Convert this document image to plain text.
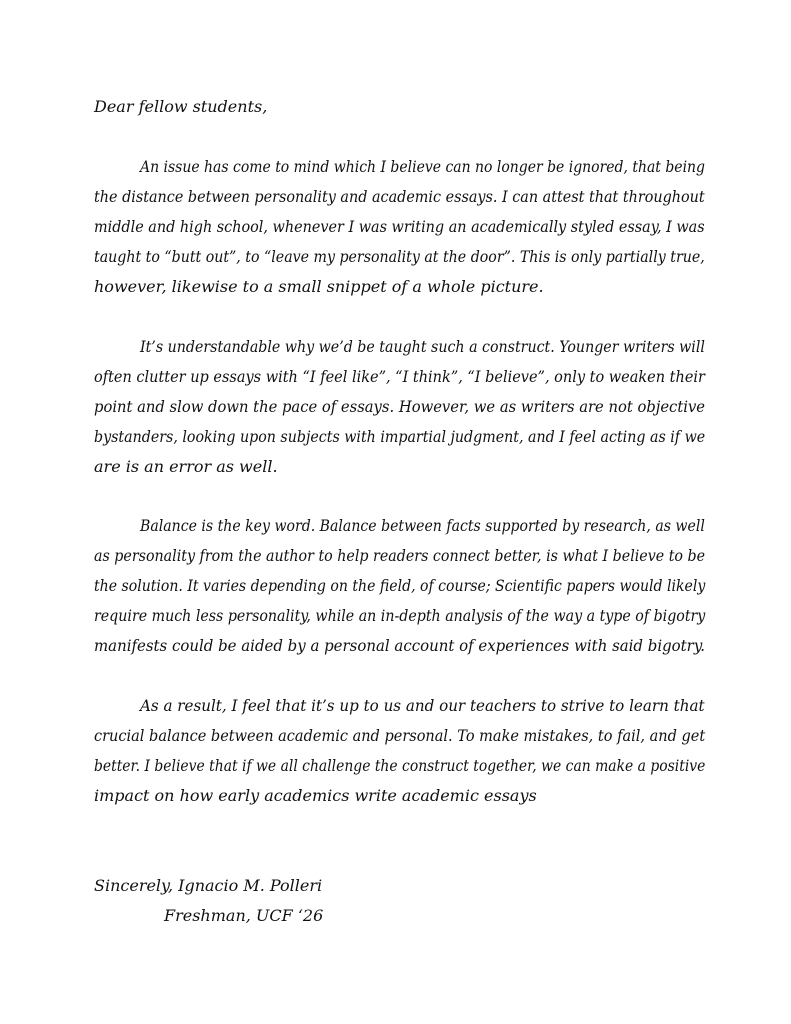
Dear fellow students,
An issue has come to mind which I believe can no longer be ignored, that being
the distance between personality and academic essays. I can attest that throughout
middle and high school, whenever I was writing an academically styled essay, I was
taught to “butt out”, to “leave my personality at the door”. This is only partially true,
however, likewise to a small snippet of a whole picture.
It’s understandable why we’d be taught such a construct. Younger writers will
often clutter up essays with “I feel like”, “I think”, “I believe”, only to weaken their
point and slow down the pace of essays. However, we as writers are not objective
bystanders, looking upon subjects with impartial judgment, and I feel acting as if we
are is an error as well.
Balance is the key word. Balance between facts supported by research, as well
as personality from the author to help readers connect better, is what I believe to be
the solution. It varies depending on the field, of course; Scientific papers would likely
require much less personality, while an in-depth analysis of the way a type of bigotry
manifests could be aided by a personal account of experiences with said bigotry.
As a result, I feel that it’s up to us and our teachers to strive to learn that
crucial balance between academic and personal. To make mistakes, to fail, and get
better. I believe that if we all challenge the construct together, we can make a positive
impact on how early academics write academic essays
Sincerely, Ignacio M. Polleri
Freshman, UCF ‘26
